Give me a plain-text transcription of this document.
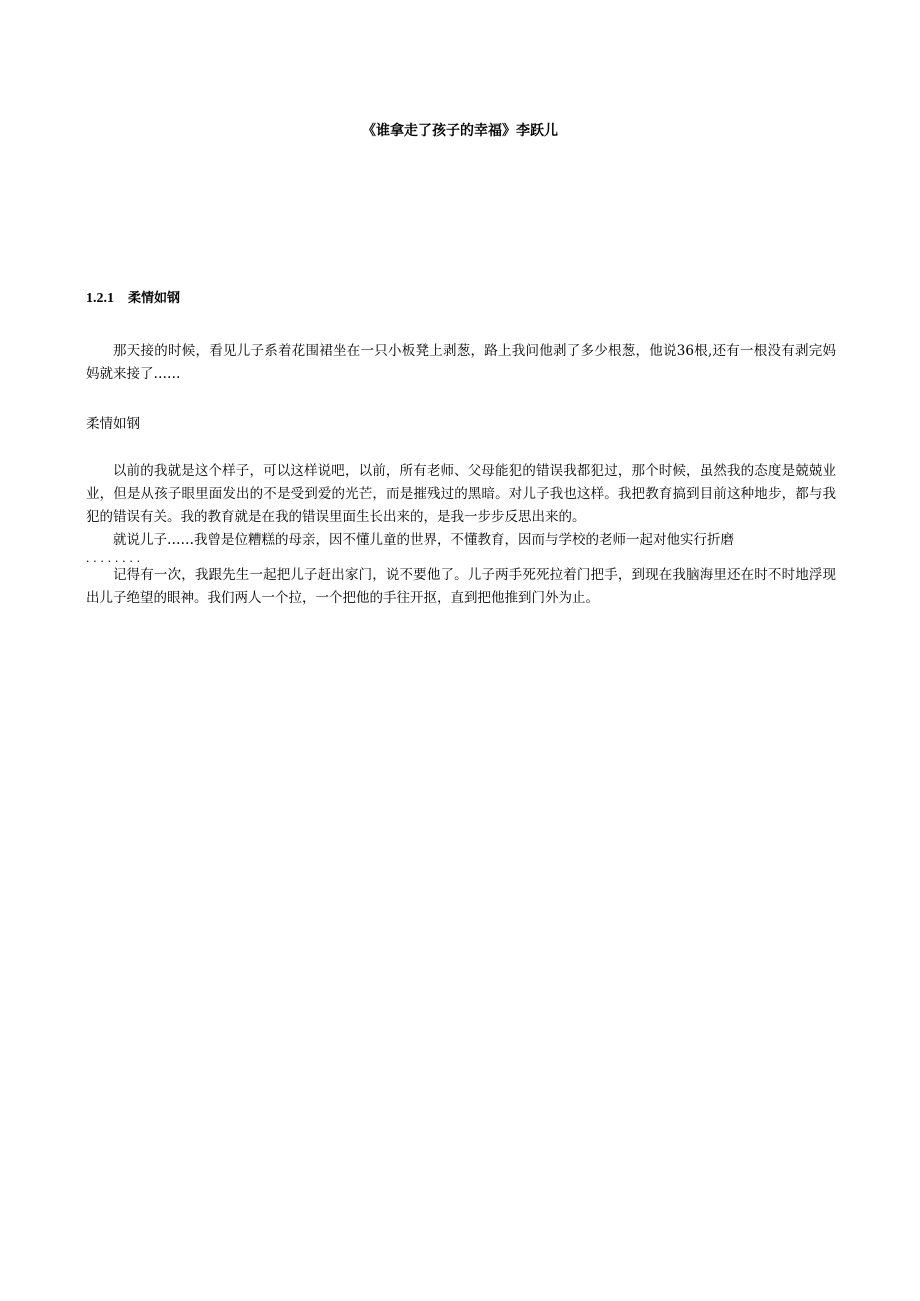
《谁拿走了孩子的幸福》李跃儿
1.2.1 柔情如钢

那天接的时候，看见儿子系着花围裙坐在一只小板凳上剥葱，路上我问他剥了多少根葱，他说36根,还有一根没有剥完妈妈就来接了……

柔情如钢

以前的我就是这个样子，可以这样说吧，以前，所有老师、父母能犯的错误我都犯过，那个时候，虽然我的态度是兢兢业业，但是从孩子眼里面发出的不是受到爱的光芒，而是摧残过的黑暗。对儿子我也这样。我把教育搞到目前这种地步，都与我犯的错误有关。我的教育就是在我的错误里面生长出来的，是我一步步反思出来的。

就说儿子……我曾是位糟糕的母亲，因不懂儿童的世界，不懂教育，因而与学校的老师一起对他实行折磨

........

记得有一次，我跟先生一起把儿子赶出家门，说不要他了。儿子两手死死拉着门把手，到现在我脑海里还在时不时地浮现出儿子绝望的眼神。我们两人一个拉，一个把他的手往开抠，直到把他推到门外为止。
